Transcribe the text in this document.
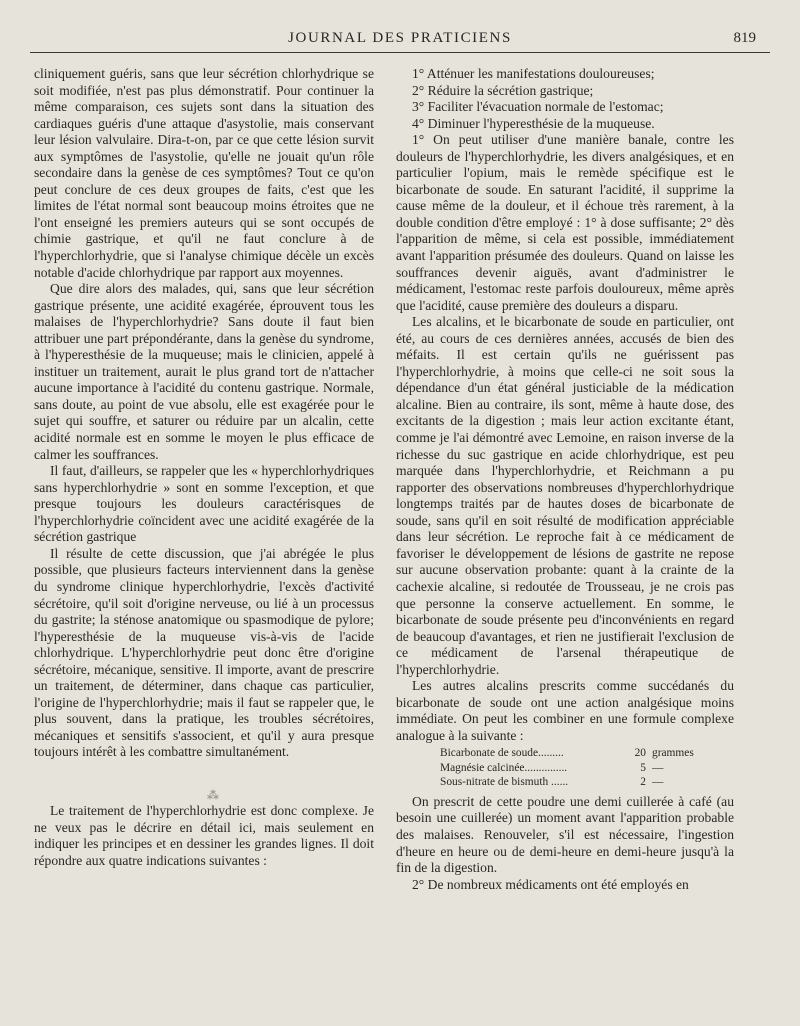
JOURNAL DES PRATICIENS	819

cliniquement guéris, sans que leur sécrétion chlorhydrique se soit modifiée, n'est pas plus démonstratif. Pour continuer la même comparaison, ces sujets sont dans la situation des cardiaques guéris d'une attaque d'asystolie, mais conservant leur lésion valvulaire. Dira-t-on, par ce que cette lésion survit aux symptômes de l'asystolie, qu'elle ne jouait qu'un rôle secondaire dans la genèse de ces symptômes? Tout ce qu'on peut conclure de ces deux groupes de faits, c'est que les limites de l'état normal sont beaucoup moins étroites que ne l'ont enseigné les premiers auteurs qui se sont occupés de chimie gastrique, et qu'il ne faut conclure à de l'hyperchlorhydrie, que si l'analyse chimique décèle un excès notable d'acide chlorhydrique par rapport aux moyennes.

Que dire alors des malades, qui, sans que leur sécrétion gastrique présente, une acidité exagérée, éprouvent tous les malaises de l'hyperchlorhydrie? Sans doute il faut bien attribuer une part prépondérante, dans la genèse du syndrome, à l'hyperesthésie de la muqueuse; mais le clinicien, appelé à instituer un traitement, aurait le plus grand tort de n'attacher aucune importance à l'acidité du contenu gastrique. Normale, sans doute, au point de vue absolu, elle est exagérée pour le sujet qui souffre, et saturer ou réduire par un alcalin, cette acidité normale est en somme le moyen le plus efficace de calmer les souffrances.

Il faut, d'ailleurs, se rappeler que les « hyperchlorhydriques sans hyperchlorhydrie » sont en somme l'exception, et que presque toujours les douleurs caractérisques de l'hyperchlorhydrie coïncident avec une acidité exagérée de la sécrétion gastrique

Il résulte de cette discussion, que j'ai abrégée le plus possible, que plusieurs facteurs interviennent dans la genèse du syndrome clinique hyperchlorhydrie, l'excès d'activité sécrétoire, qu'il soit d'origine nerveuse, ou lié à un processus du gastrite; la sténose anatomique ou spasmodique de pylore; l'hyperesthésie de la muqueuse vis-à-vis de l'acide chlorhydrique. L'hyperchlorhydrie peut donc être d'origine sécrétoire, mécanique, sensitive. Il importe, avant de prescrire un traitement, de déterminer, dans chaque cas particulier, l'origine de l'hyperchlorhydrie; mais il faut se rappeler que, le plus souvent, dans la pratique, les troubles sécrétoires, mécaniques et sensitifs s'associent, et qu'il y aura presque toujours intérêt à les combattre simultanément.

⁂

Le traitement de l'hyperchlorhydrie est donc complexe. Je ne veux pas le décrire en détail ici, mais seulement en indiquer les principes et en dessiner les grandes lignes. Il doit répondre aux quatre indications suivantes :

1° Atténuer les manifestations douloureuses;

2° Réduire la sécrétion gastrique;

3° Faciliter l'évacuation normale de l'estomac;

4° Diminuer l'hyperesthésie de la muqueuse.

1° On peut utiliser d'une manière banale, contre les douleurs de l'hyperchlorhydrie, les divers analgésiques, et en particulier l'opium, mais le remède spécifique est le bicarbonate de soude. En saturant l'acidité, il supprime la cause même de la douleur, et il échoue très rarement, à la double condition d'être employé : 1° à dose suffisante; 2° dès l'apparition de même, si cela est possible, immédiatement avant l'apparition présumée des douleurs. Quand on laisse les souffrances devenir aiguës, avant d'administrer le médicament, l'estomac reste parfois douloureux, même après que l'acidité, cause première des douleurs a disparu.

Les alcalins, et le bicarbonate de soude en particulier, ont été, au cours de ces dernières années, accusés de bien des méfaits. Il est certain qu'ils ne guérissent pas l'hyperchlorhydrie, à moins que celle-ci ne soit sous la dépendance d'un état général justiciable de la médication alcaline. Bien au contraire, ils sont, même à haute dose, des excitants de la digestion ; mais leur action excitante étant, comme je l'ai démontré avec Lemoine, en raison inverse de la richesse du suc gastrique en acide chlorhydrique, est peu marquée dans l'hyperchlorhydrie, et Reichmann a pu rapporter des observations nombreuses d'hyperchlorhydrique longtemps traités par de hautes doses de bicarbonate de soude, sans qu'il en soit résulté de modification appréciable dans leur sécrétion. Le reproche fait à ce médicament de favoriser le développement de lésions de gastrite ne repose sur aucune observation probante: quant à la crainte de la cachexie alcaline, si redoutée de Trousseau, je ne crois pas que personne la conserve actuellement. En somme, le bicarbonate de soude présente peu d'inconvénients en regard de beaucoup d'avantages, et rien ne justifierait l'exclusion de ce médicament de l'arsenal thérapeutique de l'hyperchlorhydrie.

Les autres alcalins prescrits comme succédanés du bicarbonate de soude ont une action analgésique moins immédiate. On peut les combiner en une formule complexe analogue à la suivante :

Bicarbonate de soude.........	20 grammes
Magnésie calcinée...............	5 —
Sous-nitrate de bismuth ......	2 —

On prescrit de cette poudre une demi cuillerée à café (au besoin une cuillerée) un moment avant l'apparition probable des malaises. Renouveler, s'il est nécessaire, l'ingestion d'heure en heure ou de demi-heure en demi-heure jusqu'à la fin de la digestion.

2° De nombreux médicaments ont été employés en
